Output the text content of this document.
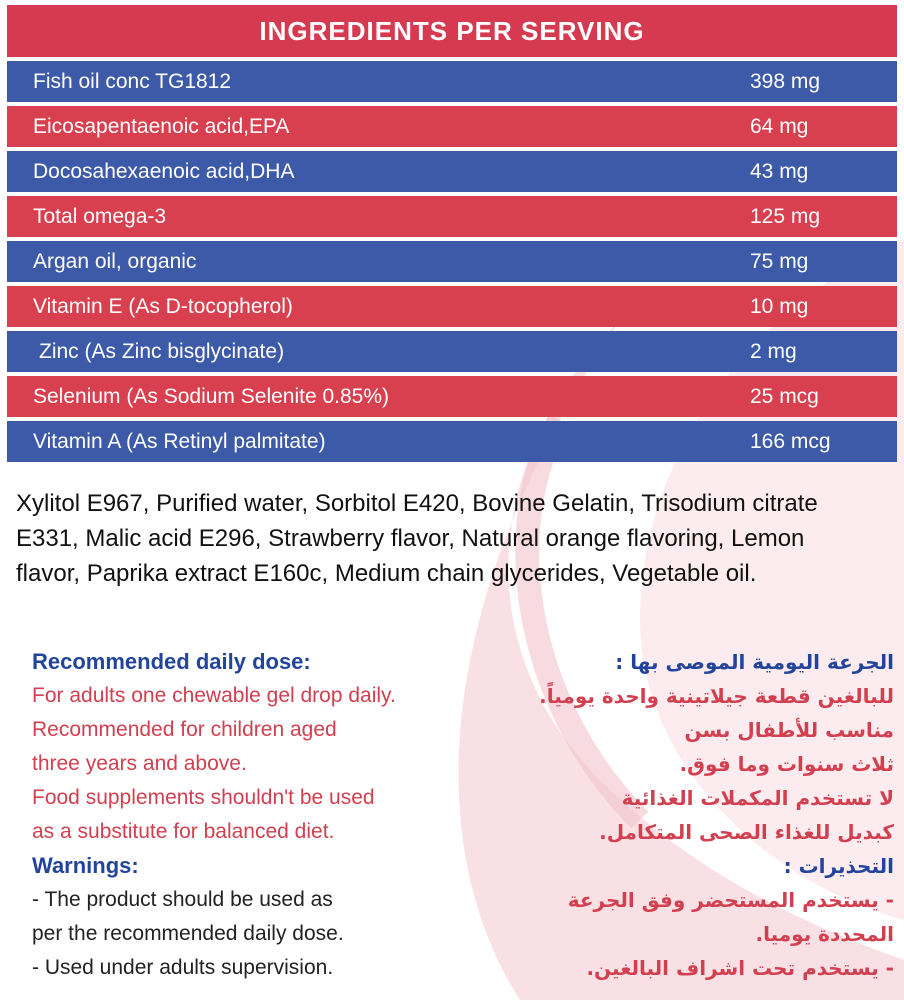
INGREDIENTS PER SERVING
Fish oil conc TG1812	398 mg
Eicosapentaenoic acid,EPA	64 mg
Docosahexaenoic acid,DHA	43 mg
Total omega-3	125 mg
Argan oil, organic	75 mg
Vitamin E (As D-tocopherol)	10 mg
Zinc (As Zinc bisglycinate)	2 mg
Selenium (As Sodium Selenite 0.85%)	25 mcg
Vitamin A (As Retinyl palmitate)	166 mcg
Xylitol E967, Purified water, Sorbitol E420, Bovine Gelatin, Trisodium citrate
E331, Malic acid E296, Strawberry flavor, Natural orange flavoring, Lemon
flavor, Paprika extract E160c, Medium chain glycerides, Vegetable oil.
Recommended daily dose:
For adults one chewable gel drop daily.
Recommended for children aged
three years and above.
Food supplements shouldn't be used
as a substitute for balanced diet.
Warnings:
- The product should be used as
per the recommended daily dose.
- Used under adults supervision.
الجرعة اليومية الموصى بها :
للبالغين قطعة جيلاتينية واحدة يومياً.
مناسب للأطفال بسن
ثلاث سنوات وما فوق.
لا تستخدم المكملات الغذائية
كبديل للغذاء الصحى المتكامل.
التحذيرات :
- يستخدم المستحضر وفق الجرعة
المحددة يوميا.
- يستخدم تحت اشراف البالغين.
